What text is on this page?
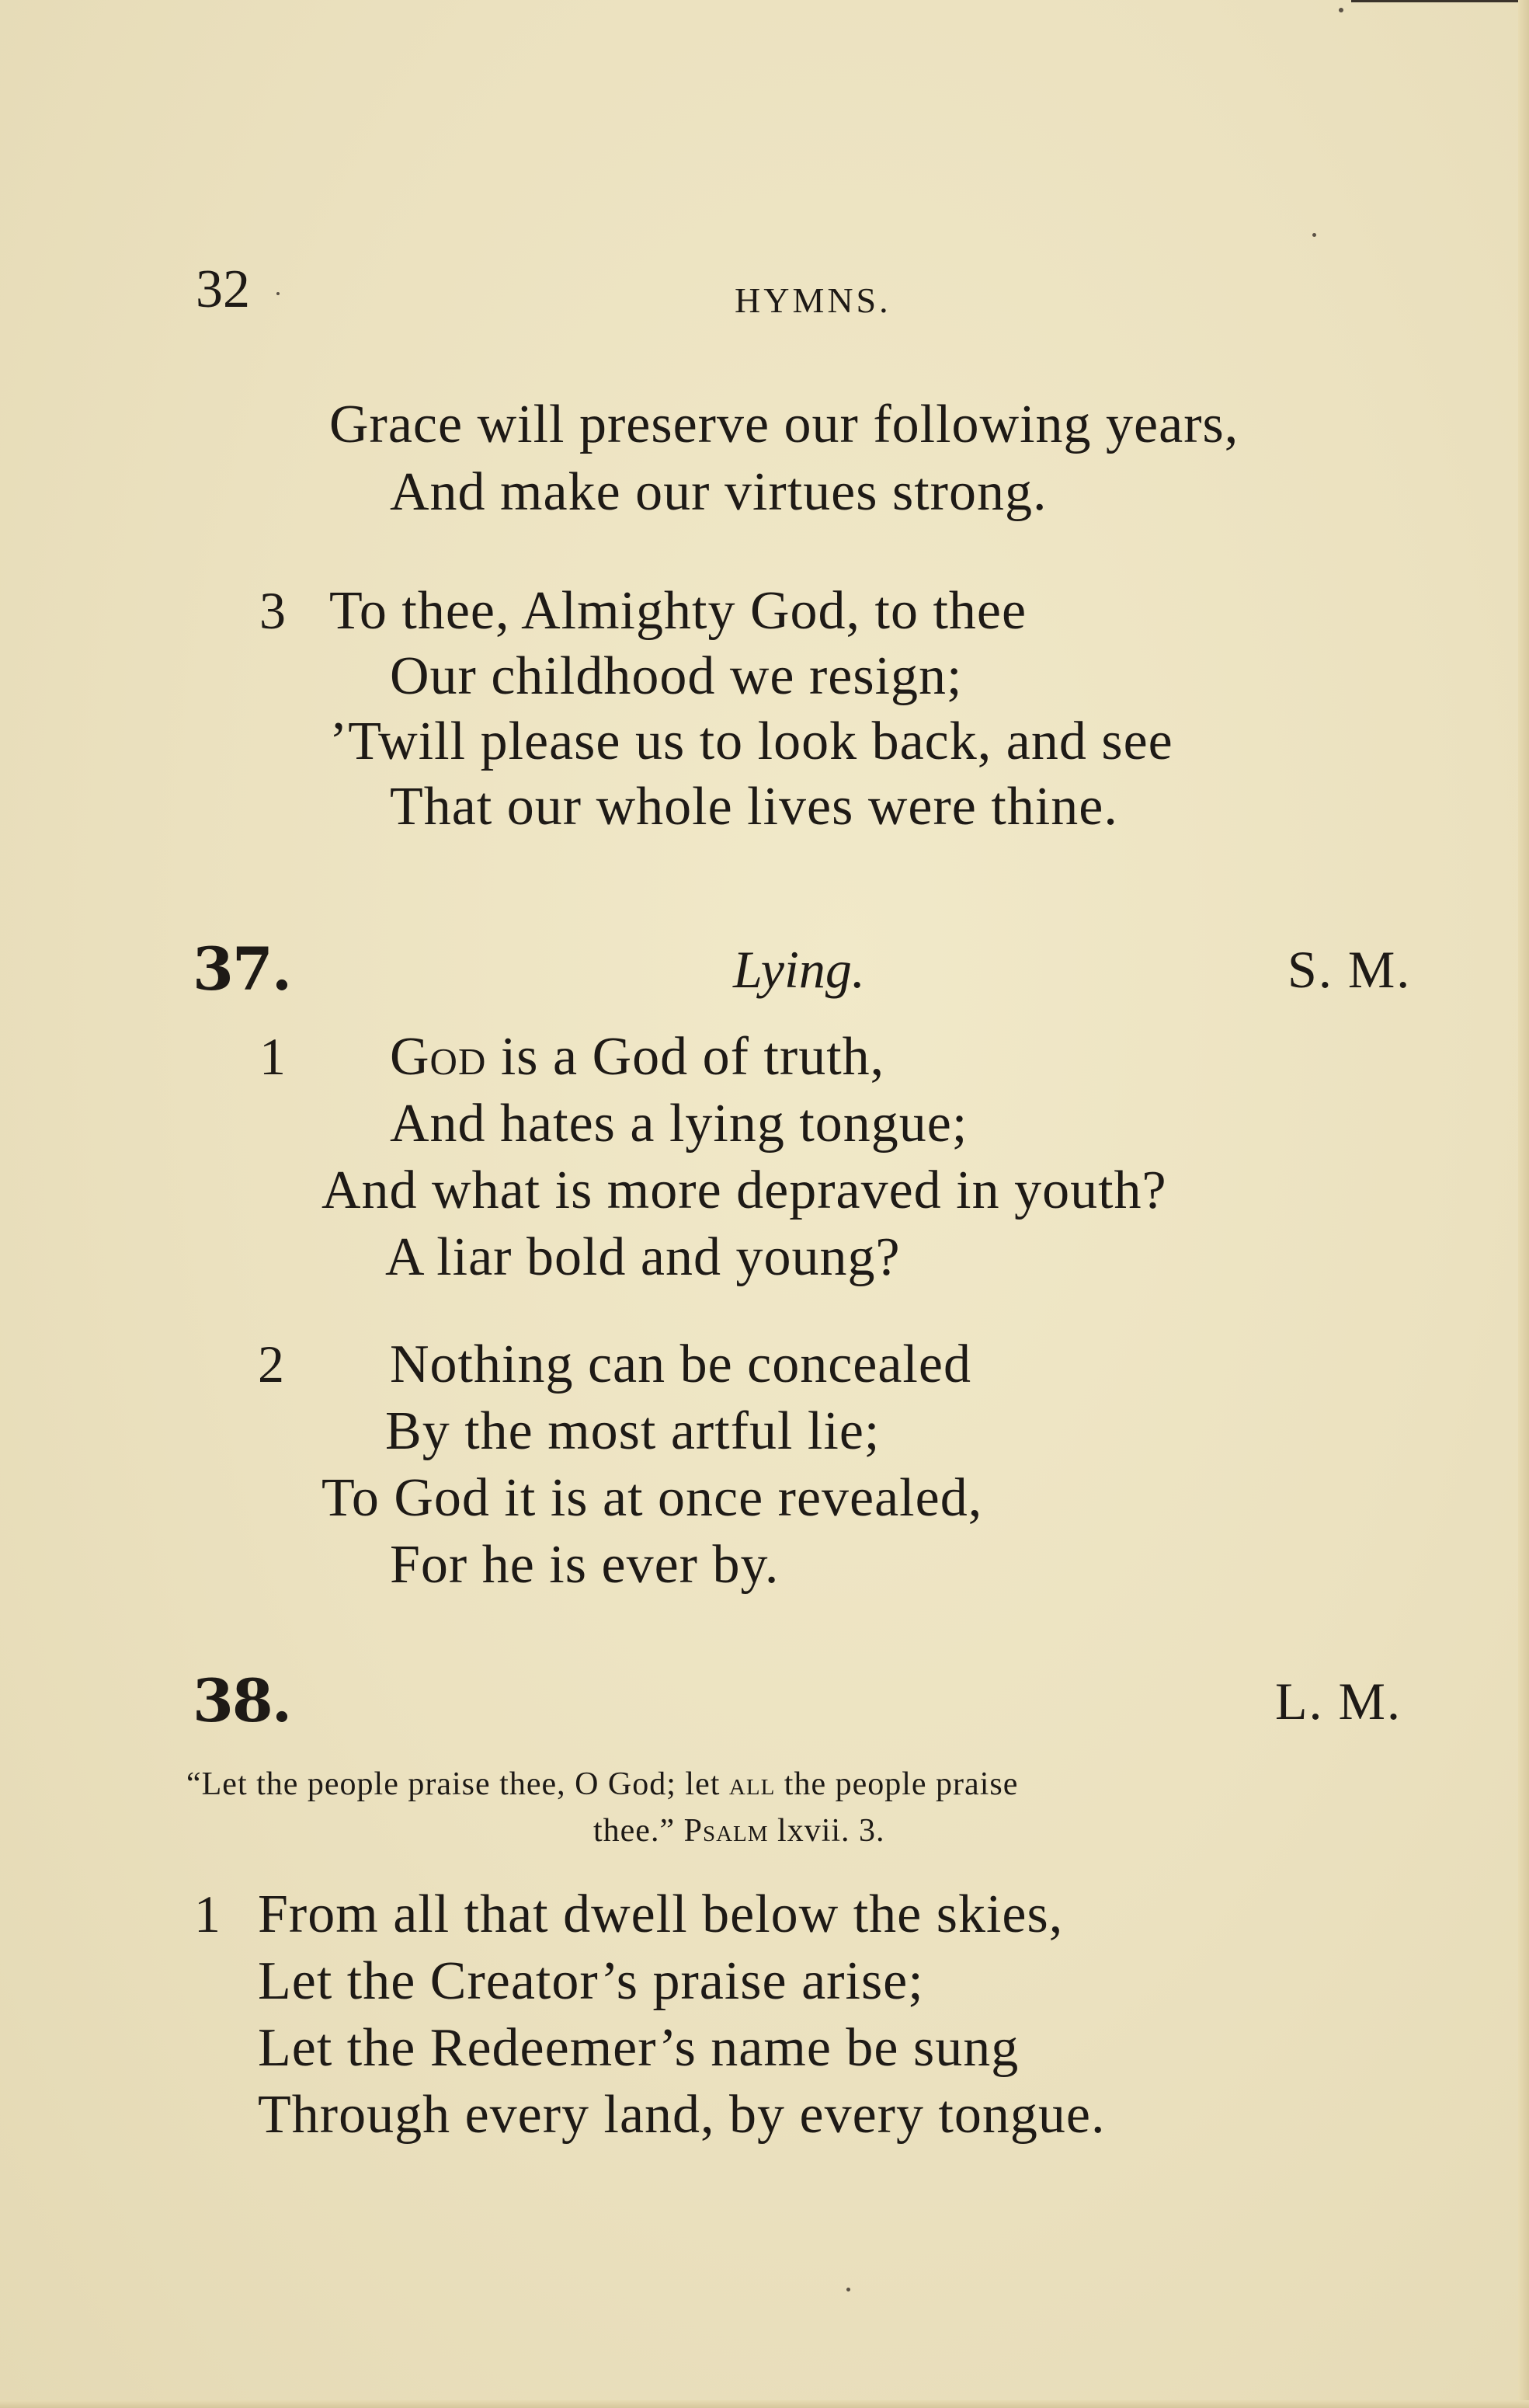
32	HYMNS.
Grace will preserve our following years,
And make our virtues strong.
3 To thee, Almighty God, to thee
Our childhood we resign;
’Twill please us to look back, and see
That our whole lives were thine.
37.	Lying.	S. M.
1 God is a God of truth,
And hates a lying tongue;
And what is more depraved in youth?
A liar bold and young?
2 Nothing can be concealed
By the most artful lie;
To God it is at once revealed,
For he is ever by.
38.	L. M.
“Let the people praise thee, O God; let all the people praise
thee.” Psalm lxvii. 3.
1 From all that dwell below the skies,
Let the Creator’s praise arise;
Let the Redeemer’s name be sung
Through every land, by every tongue.
